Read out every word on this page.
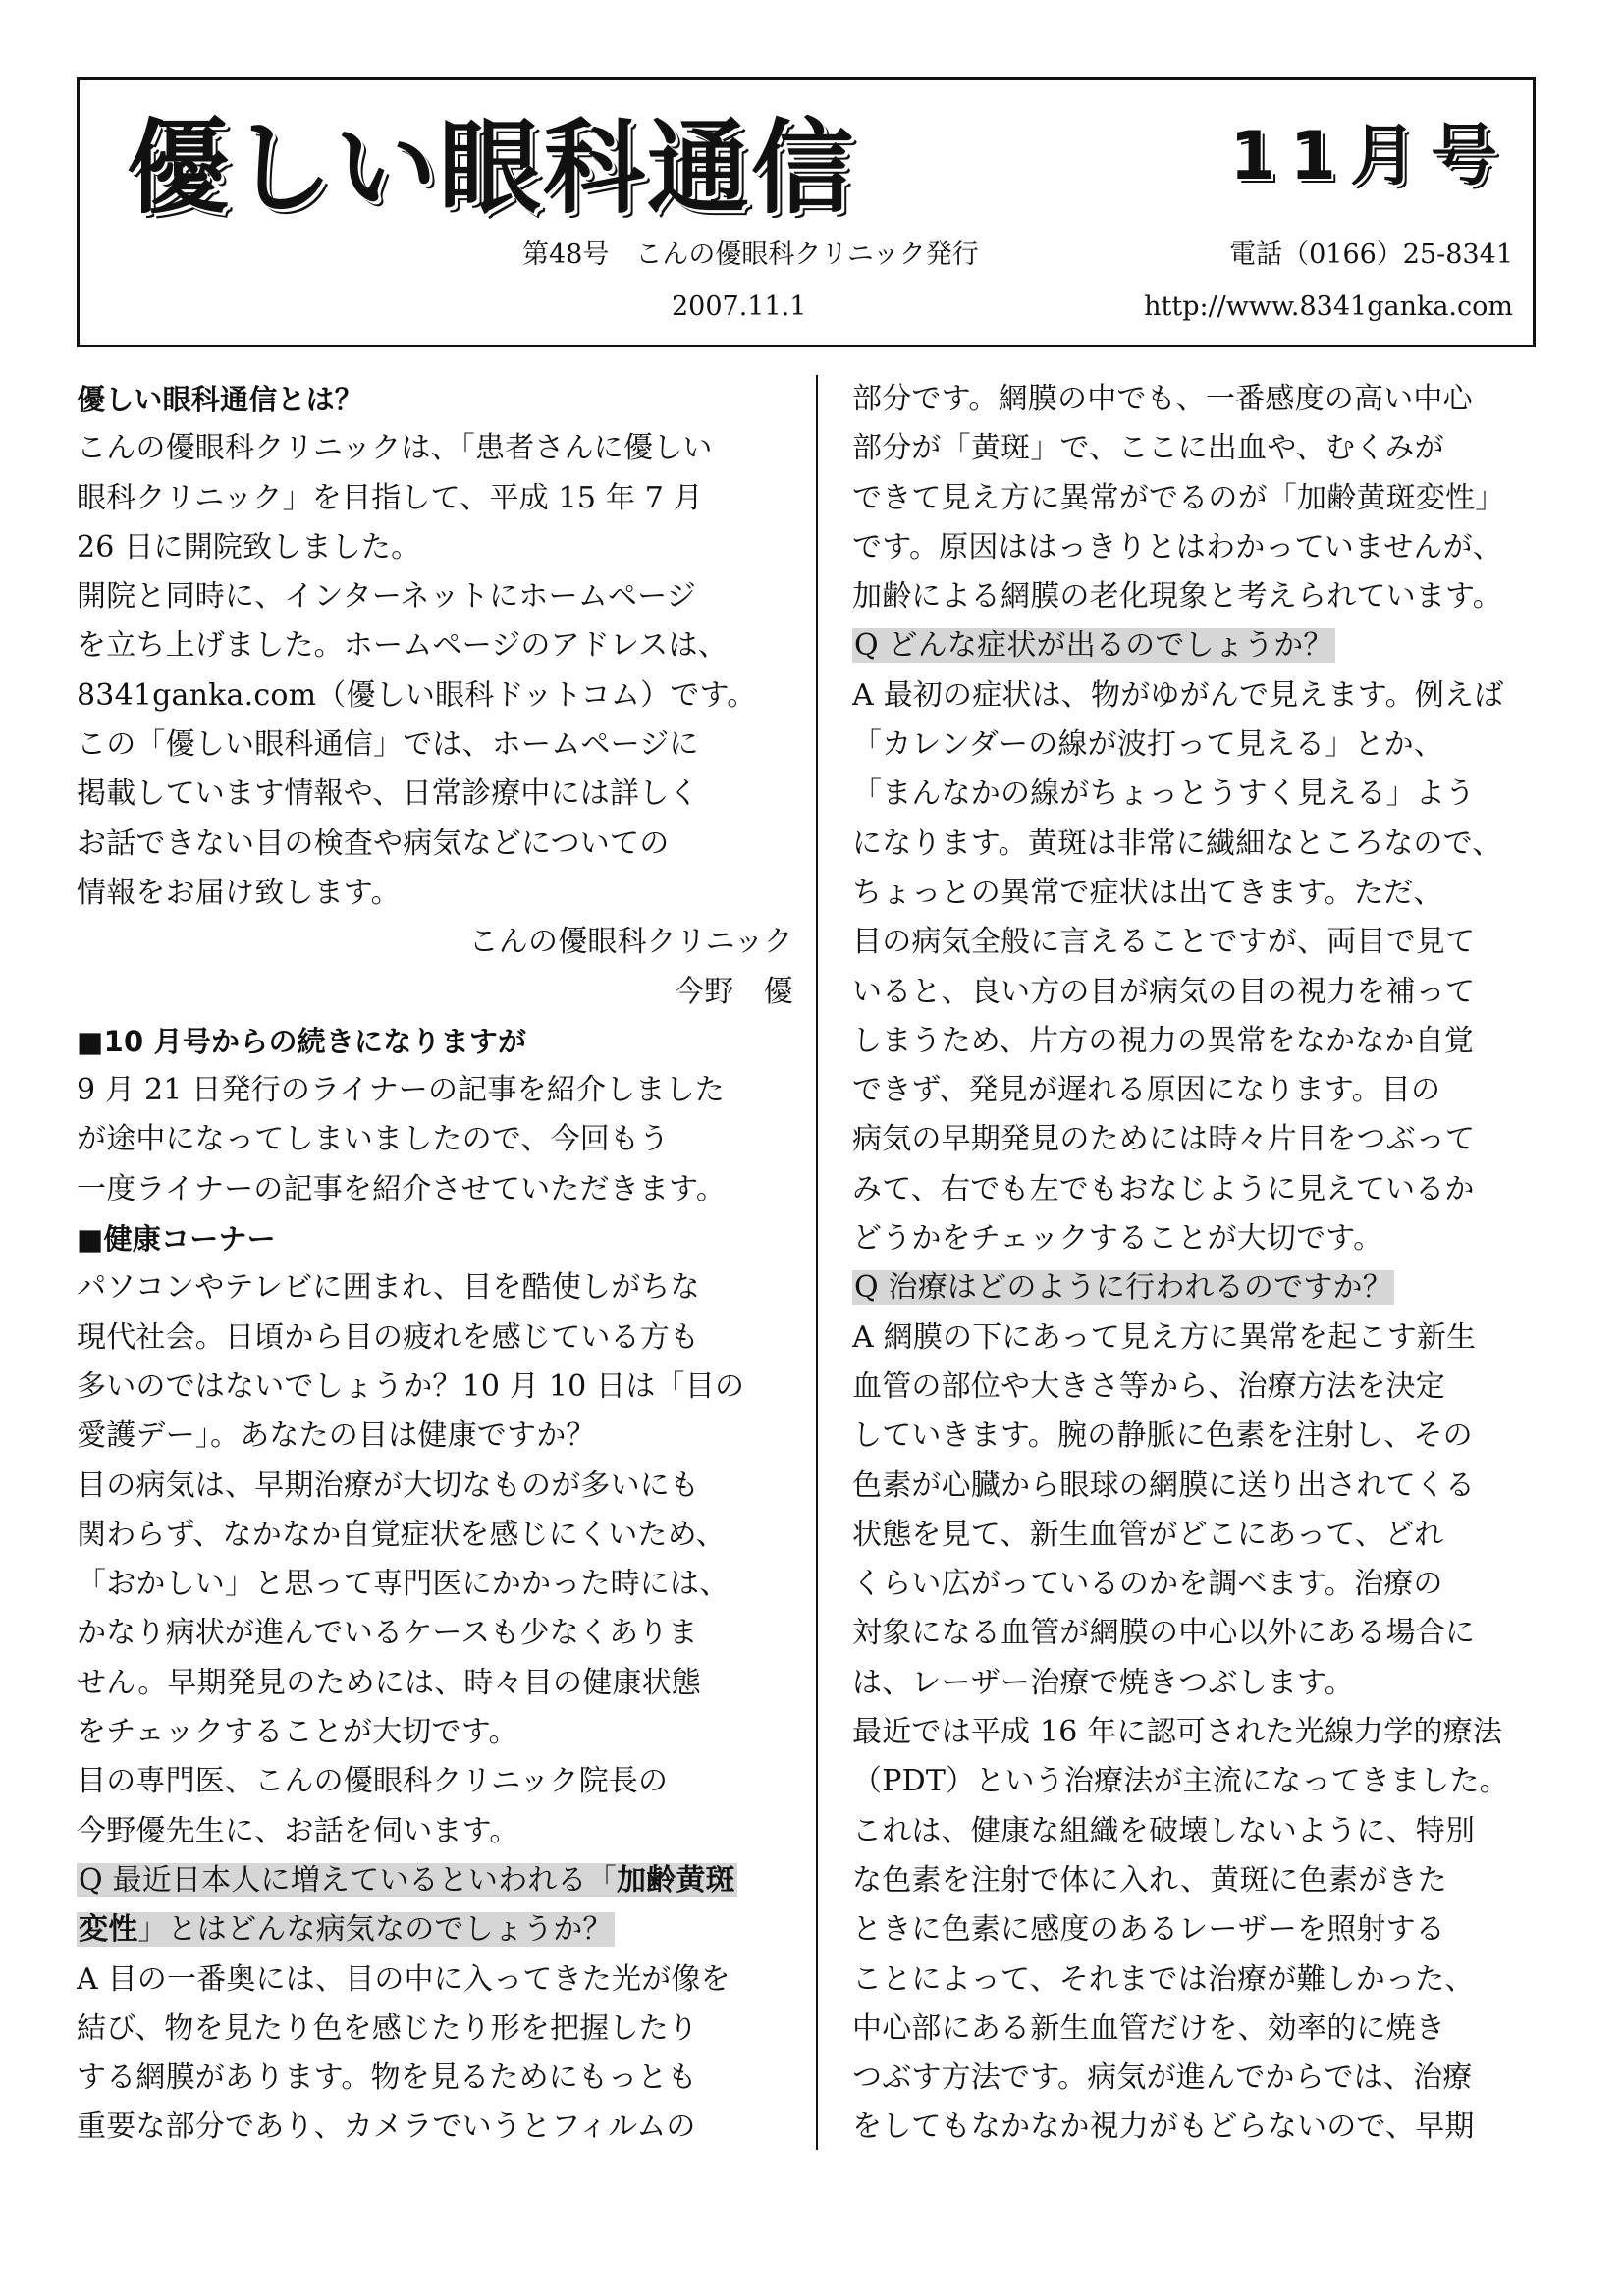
優しい眼科通信	11月号
第48号　こんの優眼科クリニック発行	電話（0166）25-8341
2007.11.1	http://www.8341ganka.com
優しい眼科通信とは？
こんの優眼科クリニックは、「患者さんに優しい
眼科クリニック」を目指して、平成 15 年 7 月
26 日に開院致しました。
開院と同時に、インターネットにホームページ
を立ち上げました。ホームページのアドレスは、
8341ganka.com（優しい眼科ドットコム）です。
この「優しい眼科通信」では、ホームページに
掲載しています情報や、日常診療中には詳しく
お話できない目の検査や病気などについての
情報をお届け致します。
こんの優眼科クリニック
今野　優
■10 月号からの続きになりますが
9 月 21 日発行のライナーの記事を紹介しました
が途中になってしまいましたので、今回もう
一度ライナーの記事を紹介させていただきます。
■健康コーナー
パソコンやテレビに囲まれ、目を酷使しがちな
現代社会。日頃から目の疲れを感じている方も
多いのではないでしょうか？10 月 10 日は「目の
愛護デー」。あなたの目は健康ですか？
目の病気は、早期治療が大切なものが多いにも
関わらず、なかなか自覚症状を感じにくいため、
「おかしい」と思って専門医にかかった時には、
かなり病状が進んでいるケースも少なくありま
せん。早期発見のためには、時々目の健康状態
をチェックすることが大切です。
目の専門医、こんの優眼科クリニック院長の
今野優先生に、お話を伺います。
Q 最近日本人に増えているといわれる「加齢黄斑
変性」とはどんな病気なのでしょうか？
A 目の一番奥には、目の中に入ってきた光が像を
結び、物を見たり色を感じたり形を把握したり
する網膜があります。物を見るためにもっとも
重要な部分であり、カメラでいうとフィルムの
部分です。網膜の中でも、一番感度の高い中心
部分が「黄斑」で、ここに出血や、むくみが
できて見え方に異常がでるのが「加齢黄斑変性」
です。原因ははっきりとはわかっていませんが、
加齢による網膜の老化現象と考えられています。
Q どんな症状が出るのでしょうか？
A 最初の症状は、物がゆがんで見えます。例えば
「カレンダーの線が波打って見える」とか、
「まんなかの線がちょっとうすく見える」よう
になります。黄斑は非常に繊細なところなので、
ちょっとの異常で症状は出てきます。ただ、
目の病気全般に言えることですが、両目で見て
いると、良い方の目が病気の目の視力を補って
しまうため、片方の視力の異常をなかなか自覚
できず、発見が遅れる原因になります。目の
病気の早期発見のためには時々片目をつぶって
みて、右でも左でもおなじように見えているか
どうかをチェックすることが大切です。
Q 治療はどのように行われるのですか？
A 網膜の下にあって見え方に異常を起こす新生
血管の部位や大きさ等から、治療方法を決定
していきます。腕の静脈に色素を注射し、その
色素が心臓から眼球の網膜に送り出されてくる
状態を見て、新生血管がどこにあって、どれ
くらい広がっているのかを調べます。治療の
対象になる血管が網膜の中心以外にある場合に
は、レーザー治療で焼きつぶします。
最近では平成 16 年に認可された光線力学的療法
（PDT）という治療法が主流になってきました。
これは、健康な組織を破壊しないように、特別
な色素を注射で体に入れ、黄斑に色素がきた
ときに色素に感度のあるレーザーを照射する
ことによって、それまでは治療が難しかった、
中心部にある新生血管だけを、効率的に焼き
つぶす方法です。病気が進んでからでは、治療
をしてもなかなか視力がもどらないので、早期
